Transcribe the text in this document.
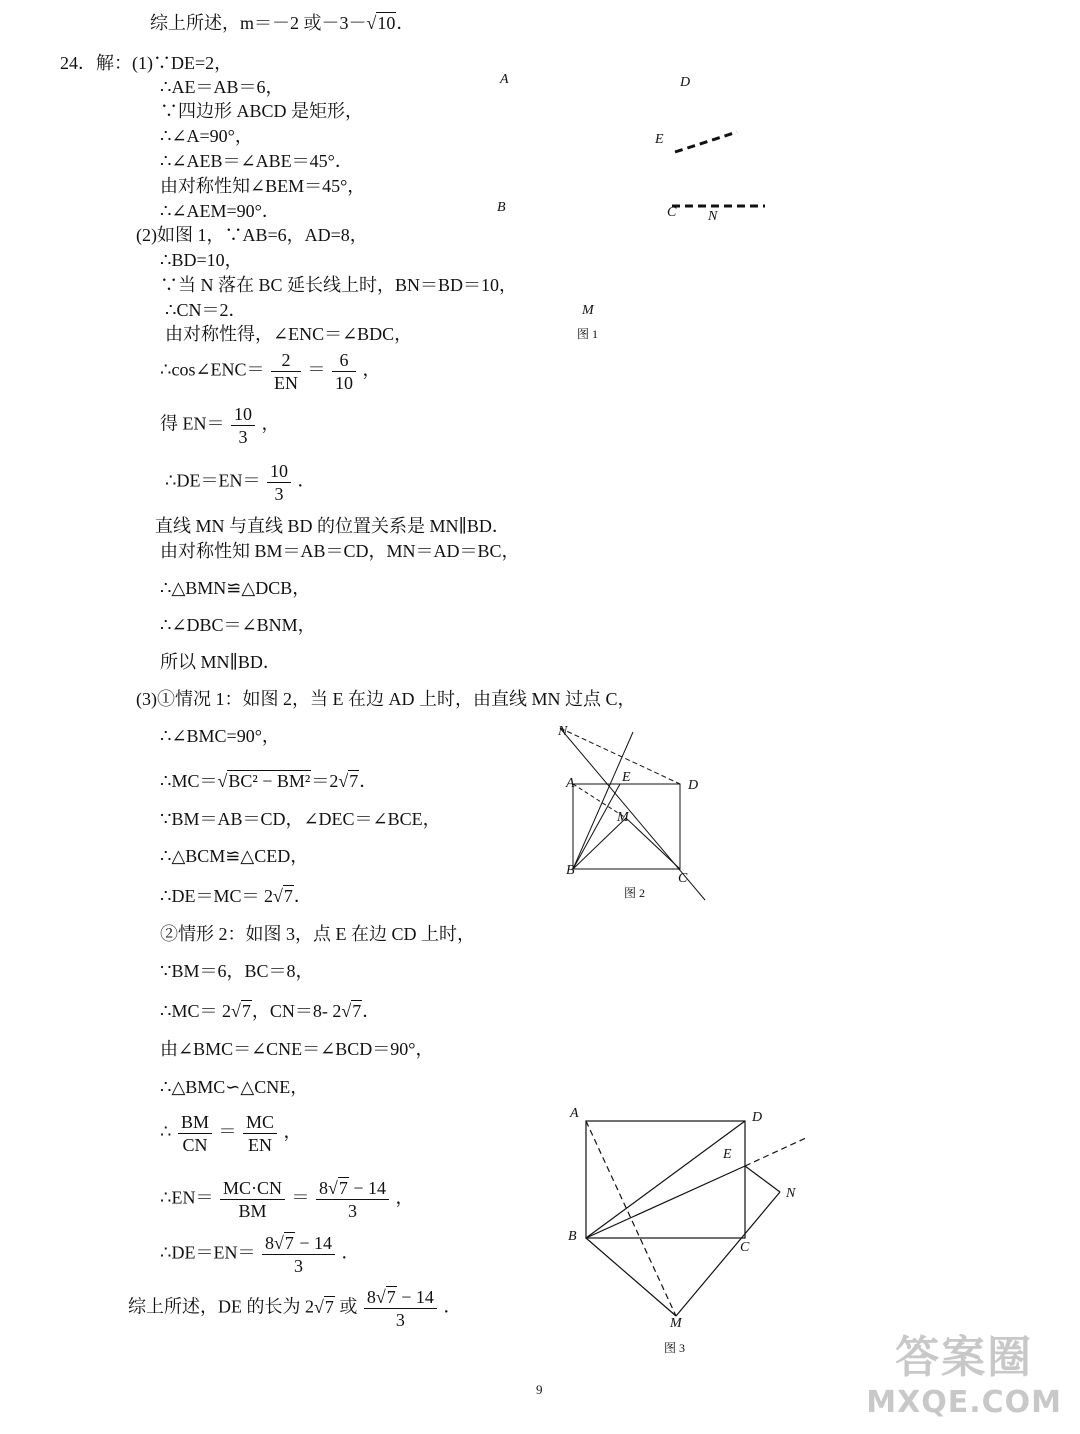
综上所述，m＝－2 或－3－√10．
24．解：(1)∵DE=2，
∴AE＝AB＝6，
∵四边形 ABCD 是矩形，
∴∠A=90°，
∴∠AEB＝∠ABE＝45°．
由对称性知∠BEM＝45°，
∴∠AEM=90°．
(2)如图 1，∵AB=6，AD=8，
∴BD=10，
∵当 N 落在 BC 延长线上时，BN＝BD＝10，
∴CN＝2．
由对称性得，∠ENC＝∠BDC，
∴cos∠ENC＝ $\frac{2}{EN} = \frac{6}{10}$ ，
得 $EN= \frac{10}{3}$ ，
∴DE＝EN＝ $\frac{10}{3}$ ．
直线 MN 与直线 BD 的位置关系是 MN∥BD．
由对称性知 BM＝AB＝CD，MN＝AD＝BC，
∴△BMN≌△DCB，
∴∠DBC＝∠BNM，
所以 MN∥BD．
(3)①情况 1：如图 2，当 E 在边 AD 上时，由直线 MN 过点 C，
∴∠BMC=90°，
∴MC＝√BC² − BM²＝2√7．
∵BM＝AB＝CD，∠DEC＝∠BCE，
∴△BCM≌△CED，
∴DE＝MC＝ 2√7．
②情形 2：如图 3，点 E 在边 CD 上时，
∵BM＝6，BC＝8，
∴MC＝ 2√7，CN＝8- 2√7．
由∠BMC＝∠CNE＝∠BCD＝90°，
∴△BMC∽△CNE，
∴ $\frac{BM}{CN} = \frac{MC}{EN}$ ，
∴EN＝ $\frac{MC\cdot CN}{BM} = \frac{8√7 - 14}{3}$ ，
∴DE＝EN＝ $\frac{8√7 - 14}{3}$ ．
综上所述，DE 的长为 2√7 或 $\frac{8√7 - 14}{3}$ ．
A	D
E
B	C N
M
图 1
N
A	E
D
M
B
C
图 2
A	D
E
N
B
C
M
图 3
9
答案圈
MXQE.COM
